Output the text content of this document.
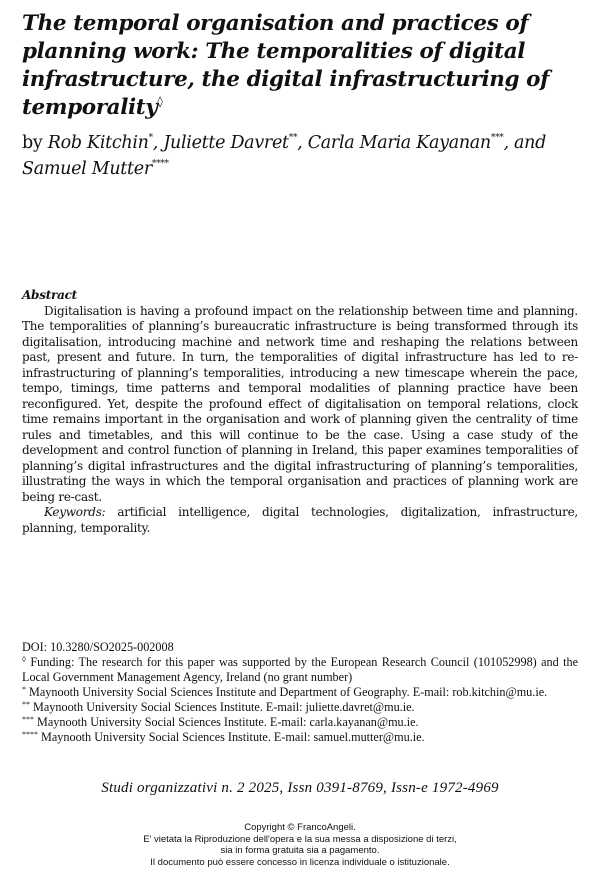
The temporal organisation and practices of planning work: The temporalities of digital infrastructure, the digital infrastructuring of temporality◊
by Rob Kitchin*, Juliette Davret**, Carla Maria Kayanan***, and Samuel Mutter****

Abstract

Digitalisation is having a profound impact on the relationship between time and planning. The temporalities of planning’s bureaucratic infrastructure is being transformed through its digitalisation, introducing machine and network time and reshaping the relations between past, present and future. In turn, the temporalities of digital infrastructure has led to re-infrastructuring of planning’s temporalities, introducing a new timescape wherein the pace, tempo, timings, time patterns and temporal modalities of planning practice have been reconfigured. Yet, despite the profound effect of digitalisation on temporal relations, clock time remains important in the organisation and work of planning given the centrality of time rules and timetables, and this will continue to be the case. Using a case study of the development and control function of planning in Ireland, this paper examines temporalities of planning’s digital infrastructures and the digital infrastructuring of planning’s temporalities, illustrating the ways in which the temporal organisation and practices of planning work are being re-cast.

Keywords: artificial intelligence, digital technologies, digitalization, infrastructure, planning, temporality.

DOI: 10.3280/SO2025-002008

◊ Funding: The research for this paper was supported by the European Research Council (101052998) and the Local Government Management Agency, Ireland (no grant number)

* Maynooth University Social Sciences Institute and Department of Geography. E-mail: rob.kitchin@mu.ie.

** Maynooth University Social Sciences Institute. E-mail: juliette.davret@mu.ie.

*** Maynooth University Social Sciences Institute. E-mail: carla.kayanan@mu.ie.

**** Maynooth University Social Sciences Institute. E-mail: samuel.mutter@mu.ie.

Studi organizzativi n. 2 2025, Issn 0391-8769, Issn-e 1972-4969
Copyright © FrancoAngeli.
E' vietata la Riproduzione dell'opera e la sua messa a disposizione di terzi,
sia in forma gratuita sia a pagamento.
Il documento può essere concesso in licenza individuale o istituzionale.
